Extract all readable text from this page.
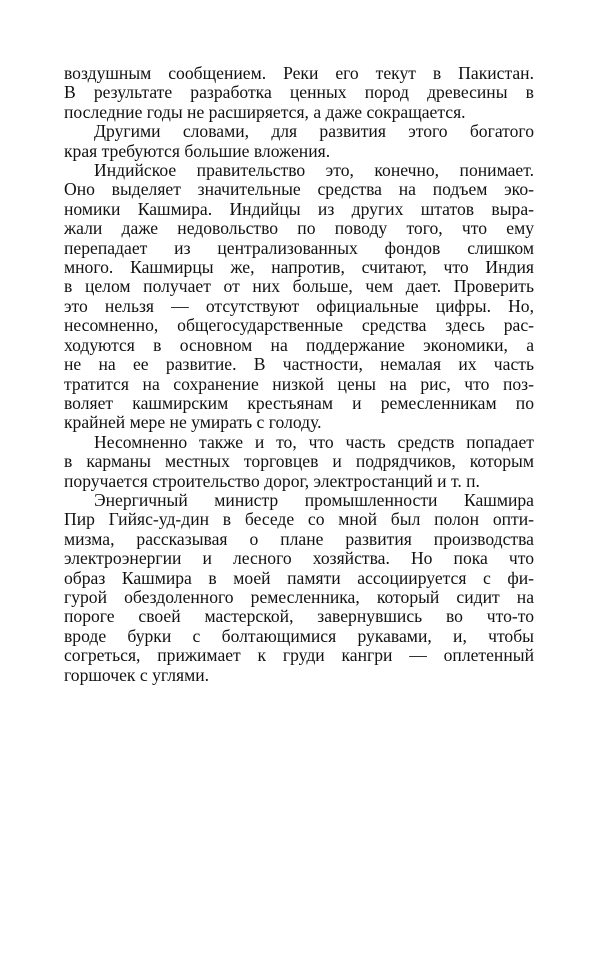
воздушным сообщением. Реки его текут в Пакистан.
В результате разработка ценных пород древесины в
последние годы не расширяется, а даже сокращается.

Другими словами, для развития этого богатого
края требуются большие вложения.

Индийское правительство это, конечно, понимает.
Оно выделяет значительные средства на подъем эко-
номики Кашмира. Индийцы из других штатов выра-
жали даже недовольство по поводу того, что ему
перепадает из централизованных фондов слишком
много. Кашмирцы же, напротив, считают, что Индия
в целом получает от них больше, чем дает. Проверить
это нельзя — отсутствуют официальные цифры. Но,
несомненно, общегосударственные средства здесь рас-
ходуются в основном на поддержание экономики, а
не на ее развитие. В частности, немалая их часть
тратится на сохранение низкой цены на рис, что поз-
воляет кашмирским крестьянам и ремесленникам по
крайней мере не умирать с голоду.

Несомненно также и то, что часть средств попадает
в карманы местных торговцев и подрядчиков, которым
поручается строительство дорог, электростанций и т. п.

Энергичный министр промышленности Кашмира
Пир Гийяс-уд-дин в беседе со мной был полон опти-
мизма, рассказывая о плане развития производства
электроэнергии и лесного хозяйства. Но пока что
образ Кашмира в моей памяти ассоциируется с фи-
гурой обездоленного ремесленника, который сидит на
пороге своей мастерской, завернувшись во что-то
вроде бурки с болтающимися рукавами, и, чтобы
согреться, прижимает к груди кангри — оплетенный
горшочек с углями.
